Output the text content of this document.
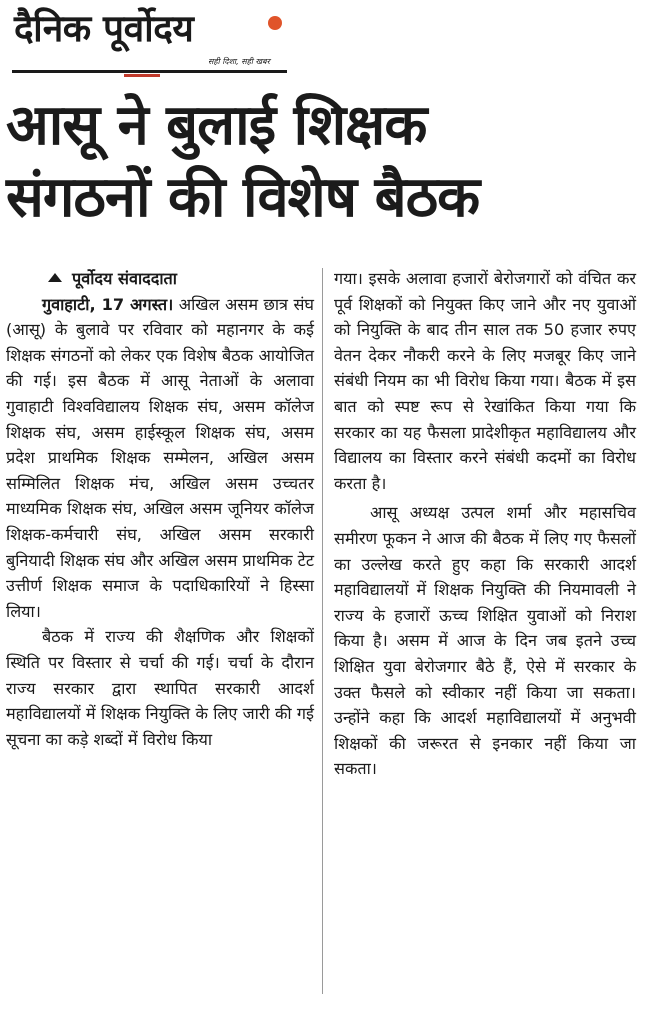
दैनिक पूर्वोदय
सही दिशा, सही खबर
आसू ने बुलाई शिक्षक
संगठनों की विशेष बैठक
पूर्वोदय संवाददाता

गुवाहाटी, 17 अगस्त। अखिल असम छात्र संघ (आसू) के बुलावे पर रविवार को महानगर के कई शिक्षक संगठनों को लेकर एक विशेष बैठक आयोजित की गई। इस बैठक में आसू नेताओं के अलावा गुवाहाटी विश्वविद्यालय शिक्षक संघ, असम कॉलेज शिक्षक संघ, असम हाईस्कूल शिक्षक संघ, असम प्रदेश प्राथमिक शिक्षक सम्मेलन, अखिल असम सम्मिलित शिक्षक मंच, अखिल असम उच्चतर माध्यमिक शिक्षक संघ, अखिल असम जूनियर कॉलेज शिक्षक-कर्मचारी संघ, अखिल असम सरकारी बुनियादी शिक्षक संघ और अखिल असम प्राथमिक टेट उत्तीर्ण शिक्षक समाज के पदाधिकारियों ने हिस्सा लिया।

बैठक में राज्य की शैक्षणिक और शिक्षकों स्थिति पर विस्तार से चर्चा की गई। चर्चा के दौरान राज्य सरकार द्वारा स्थापित सरकारी आदर्श महाविद्यालयों में शिक्षक नियुक्ति के लिए जारी की गई सूचना का कड़े शब्दों में विरोध किया

गया। इसके अलावा हजारों बेरोजगारों को वंचित कर पूर्व शिक्षकों को नियुक्त किए जाने और नए युवाओं को नियुक्ति के बाद तीन साल तक 50 हजार रुपए वेतन देकर नौकरी करने के लिए मजबूर किए जाने संबंधी नियम का भी विरोध किया गया। बैठक में इस बात को स्पष्ट रूप से रेखांकित किया गया कि सरकार का यह फैसला प्रादेशीकृत महाविद्यालय और विद्यालय का विस्तार करने संबंधी कदमों का विरोध करता है।

आसू अध्यक्ष उत्पल शर्मा और महासचिव समीरण फूकन ने आज की बैठक में लिए गए फैसलों का उल्लेख करते हुए कहा कि सरकारी आदर्श महाविद्यालयों में शिक्षक नियुक्ति की नियमावली ने राज्य के हजारों ऊच्च शिक्षित युवाओं को निराश किया है। असम में आज के दिन जब इतने उच्च शिक्षित युवा बेरोजगार बैठे हैं, ऐसे में सरकार के उक्त फैसले को स्वीकार नहीं किया जा सकता। उन्होंने कहा कि आदर्श महाविद्यालयों में अनुभवी शिक्षकों की जरूरत से इनकार नहीं किया जा सकता।
